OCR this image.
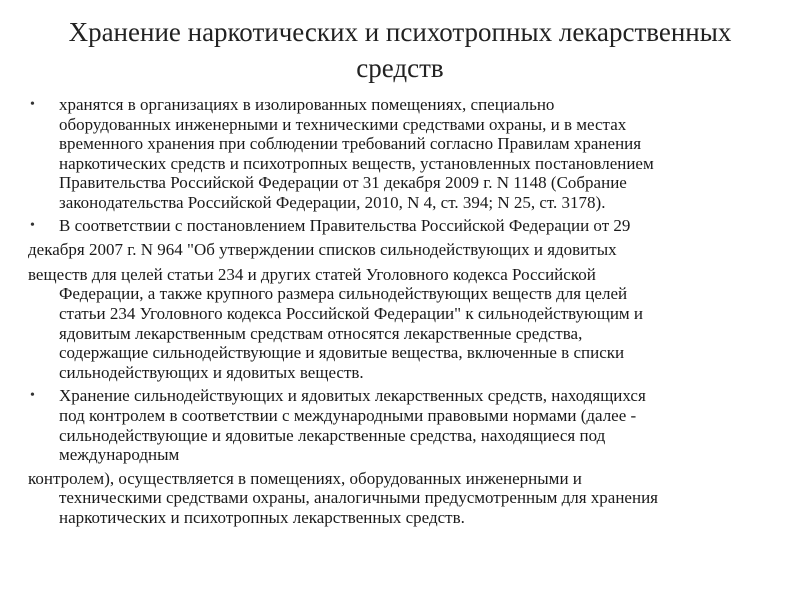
Хранение наркотических и психотропных лекарственных
средств
• хранятся в организациях в изолированных помещениях, специально
оборудованных инженерными и техническими средствами охраны, и в местах
временного хранения при соблюдении требований согласно Правилам хранения
наркотических средств и психотропных веществ, установленных постановлением
Правительства Российской Федерации от 31 декабря 2009 г. N 1148 (Собрание
законодательства Российской Федерации, 2010, N 4, ст. 394; N 25, ст. 3178).
• В соответствии с постановлением Правительства Российской Федерации от 29
декабря 2007 г. N 964 "Об утверждении списков сильнодействующих и ядовитых
веществ для целей статьи 234 и других статей Уголовного кодекса Российской
Федерации, а также крупного размера сильнодействующих веществ для целей
статьи 234 Уголовного кодекса Российской Федерации" к сильнодействующим и
ядовитым лекарственным средствам относятся лекарственные средства,
содержащие сильнодействующие и ядовитые вещества, включенные в списки
сильнодействующих и ядовитых веществ.
• Хранение сильнодействующих и ядовитых лекарственных средств, находящихся
под контролем в соответствии с международными правовыми нормами (далее -
сильнодействующие и ядовитые лекарственные средства, находящиеся под
международным
контролем), осуществляется в помещениях, оборудованных инженерными и
техническими средствами охраны, аналогичными предусмотренным для хранения
наркотических и психотропных лекарственных средств.
